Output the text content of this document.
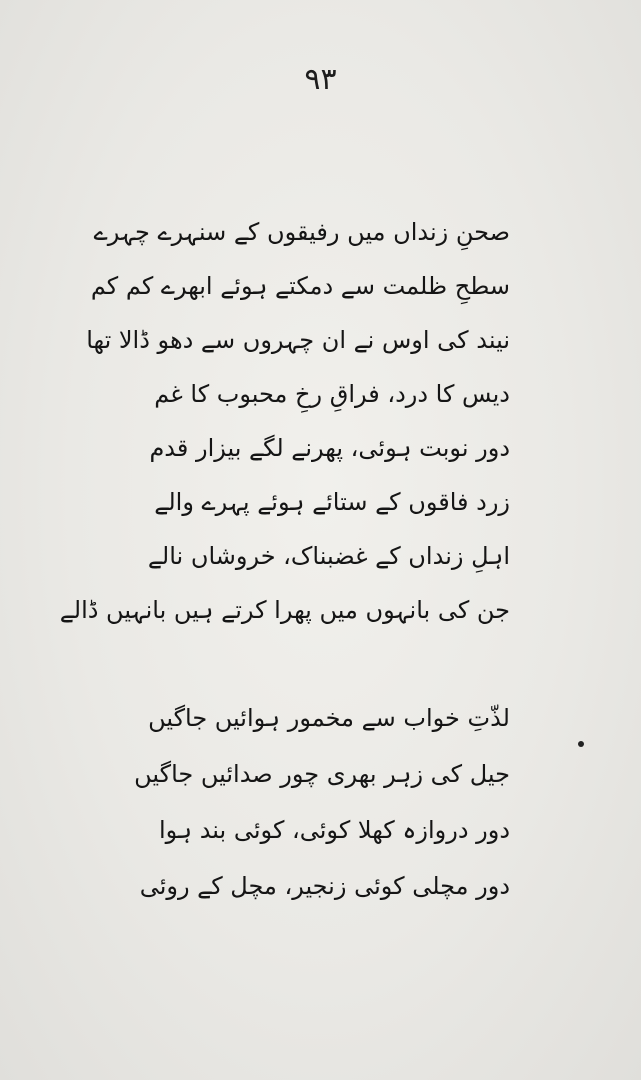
۹۳
صحنِ زنداں میں رفیقوں کے سنہرے چہرے
سطحِ ظلمت سے دمکتے ہوئے ابھرے کم کم
نیند کی اوس نے ان چہروں سے دھو ڈالا تھا
دیس کا درد، فراقِ رخِ محبوب کا غم
دور نوبت ہوئی، پھرنے لگے بیزار قدم
زرد فاقوں کے ستائے ہوئے پہرے والے
اہلِ زنداں کے غضبناک، خروشاں نالے
جن کی بانہوں میں پھرا کرتے ہیں بانہیں ڈالے
لذّتِ خواب سے مخمور ہوائیں جاگیں
جیل کی زہر بھری چور صدائیں جاگیں
دور دروازہ کھلا کوئی، کوئی بند ہوا
دور مچلی کوئی زنجیر، مچل کے روئی
